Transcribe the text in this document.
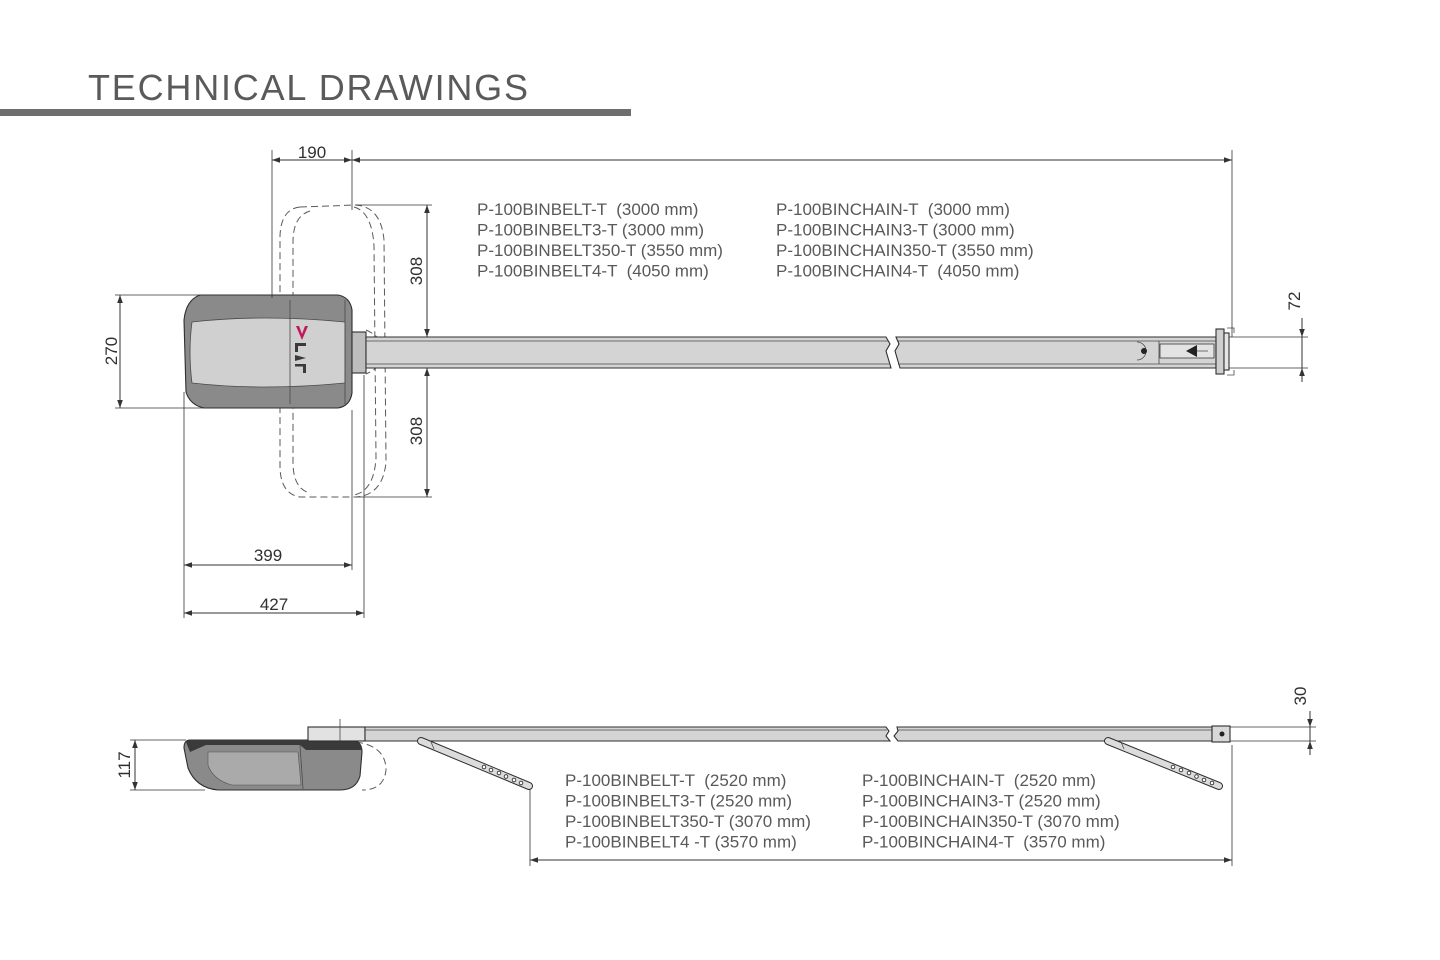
TECHNICAL DRAWINGS
190
308
308
270
72
399
427
P-100BINBELT-T  (3000 mm)
P-100BINBELT3-T (3000 mm)
P-100BINBELT350-T (3550 mm)
P-100BINBELT4-T  (4050 mm)
P-100BINCHAIN-T  (3000 mm)
P-100BINCHAIN3-T (3000 mm)
P-100BINCHAIN350-T (3550 mm)
P-100BINCHAIN4-T  (4050 mm)
117
30
P-100BINBELT-T  (2520 mm)
P-100BINBELT3-T (2520 mm)
P-100BINBELT350-T (3070 mm)
P-100BINBELT4 -T (3570 mm)
P-100BINCHAIN-T  (2520 mm)
P-100BINCHAIN3-T (2520 mm)
P-100BINCHAIN350-T (3070 mm)
P-100BINCHAIN4-T  (3570 mm)
